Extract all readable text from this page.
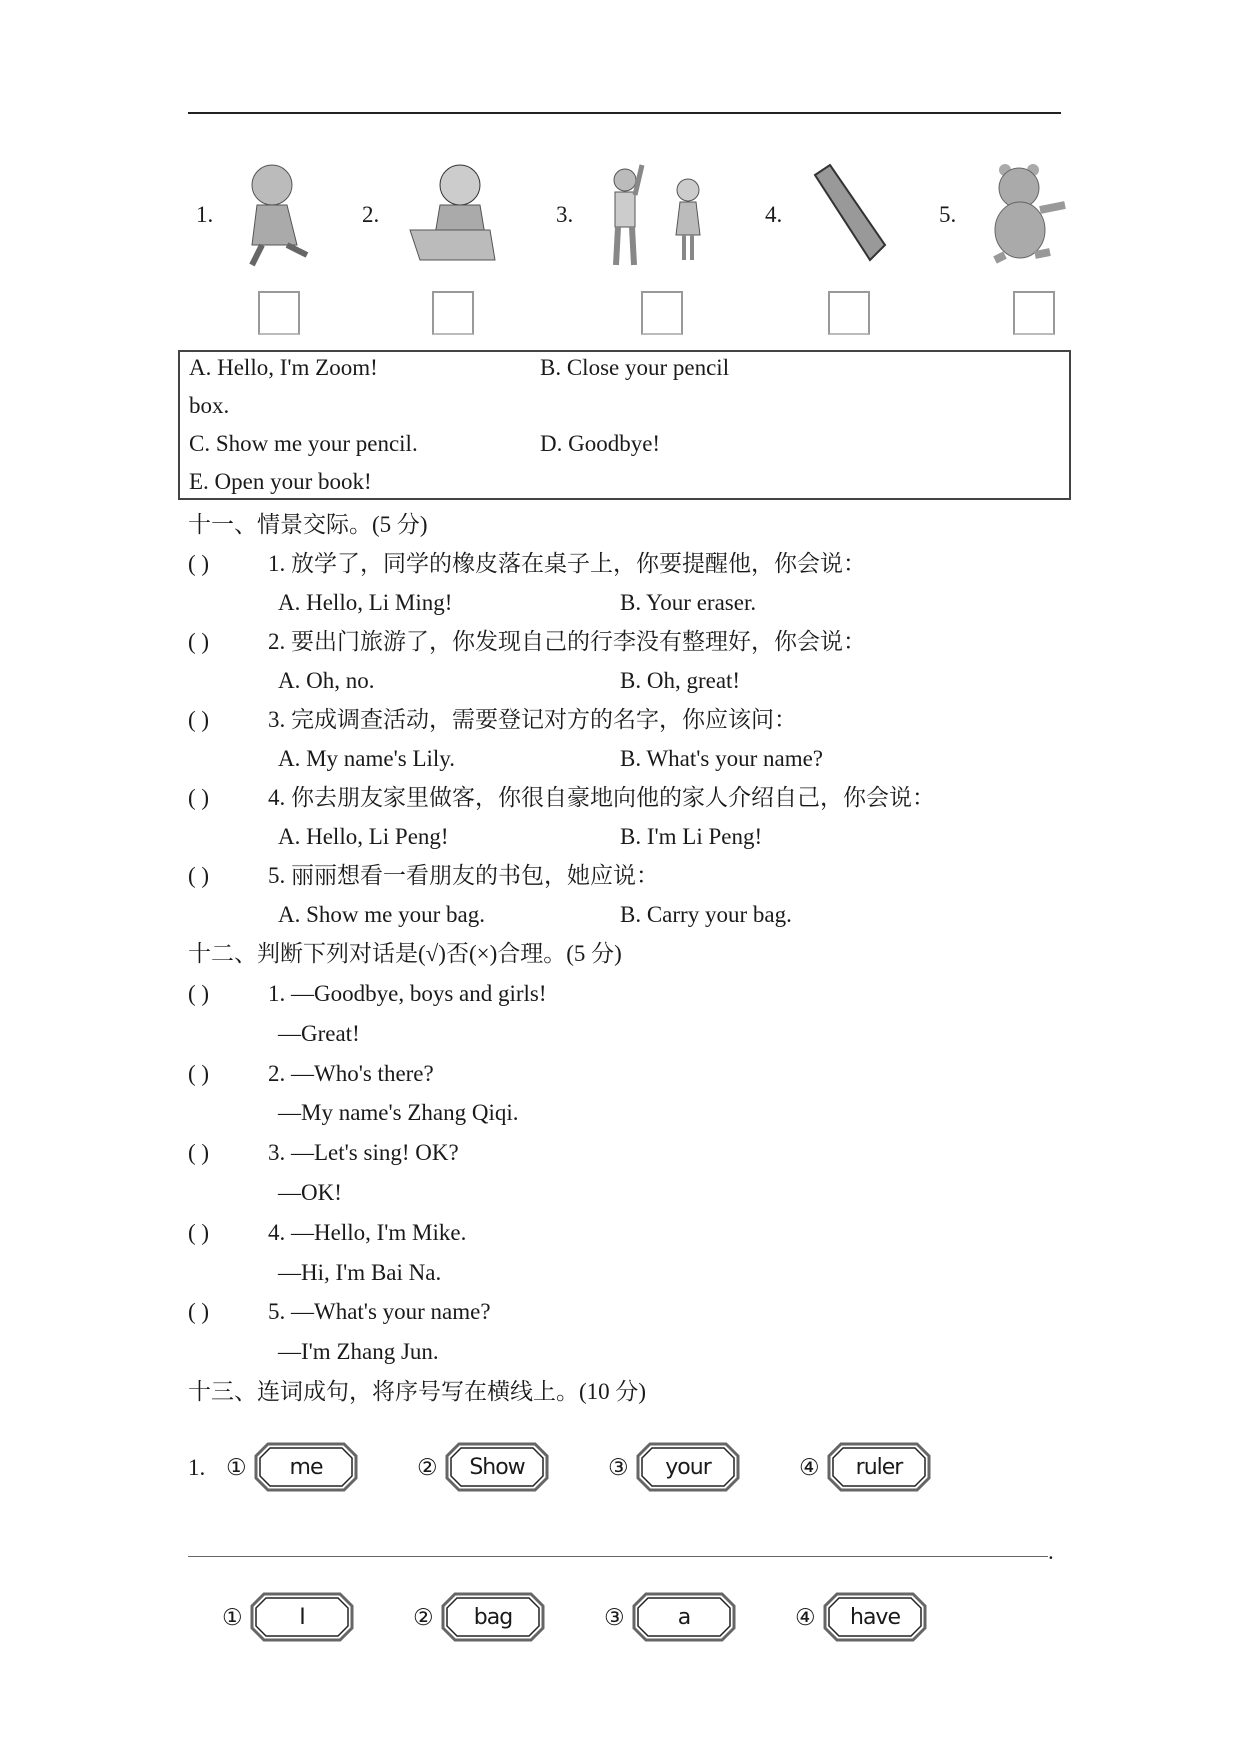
1.	2.	3.	4.	5.
A. Hello, I'm Zoom!	B. Close your pencil
box.
C. Show me your pencil.	D. Goodbye!
E. Open your book!
十一、情景交际。(5 分)
( )	1. 放学了，同学的橡皮落在桌子上，你要提醒他，你会说：
A. Hello, Li Ming!	B. Your eraser.
( )	2. 要出门旅游了，你发现自己的行李没有整理好，你会说：
A. Oh, no.	B. Oh, great!
( )	3. 完成调查活动，需要登记对方的名字，你应该问：
A. My name's Lily.	B. What's your name?
( )	4. 你去朋友家里做客，你很自豪地向他的家人介绍自己，你会说：
A. Hello, Li Peng!	B. I'm Li Peng!
( )	5. 丽丽想看一看朋友的书包，她应说：
A. Show me your bag.	B. Carry your bag.
十二、判断下列对话是(√)否(×)合理。(5 分)
( )	1. —Goodbye, boys and girls!
—Great!
( )	2. —Who's there?
—My name's Zhang Qiqi.
( )	3. —Let's sing! OK?
—OK!
( )	4. —Hello, I'm Mike.
—Hi, I'm Bai Na.
( )	5. —What's your name?
—I'm Zhang Jun.
十三、连词成句，将序号写在横线上。(10 分)
1. ①	me	②	Show	③	your	④	ruler
.
①	I	②	bag	③	a	④	have
